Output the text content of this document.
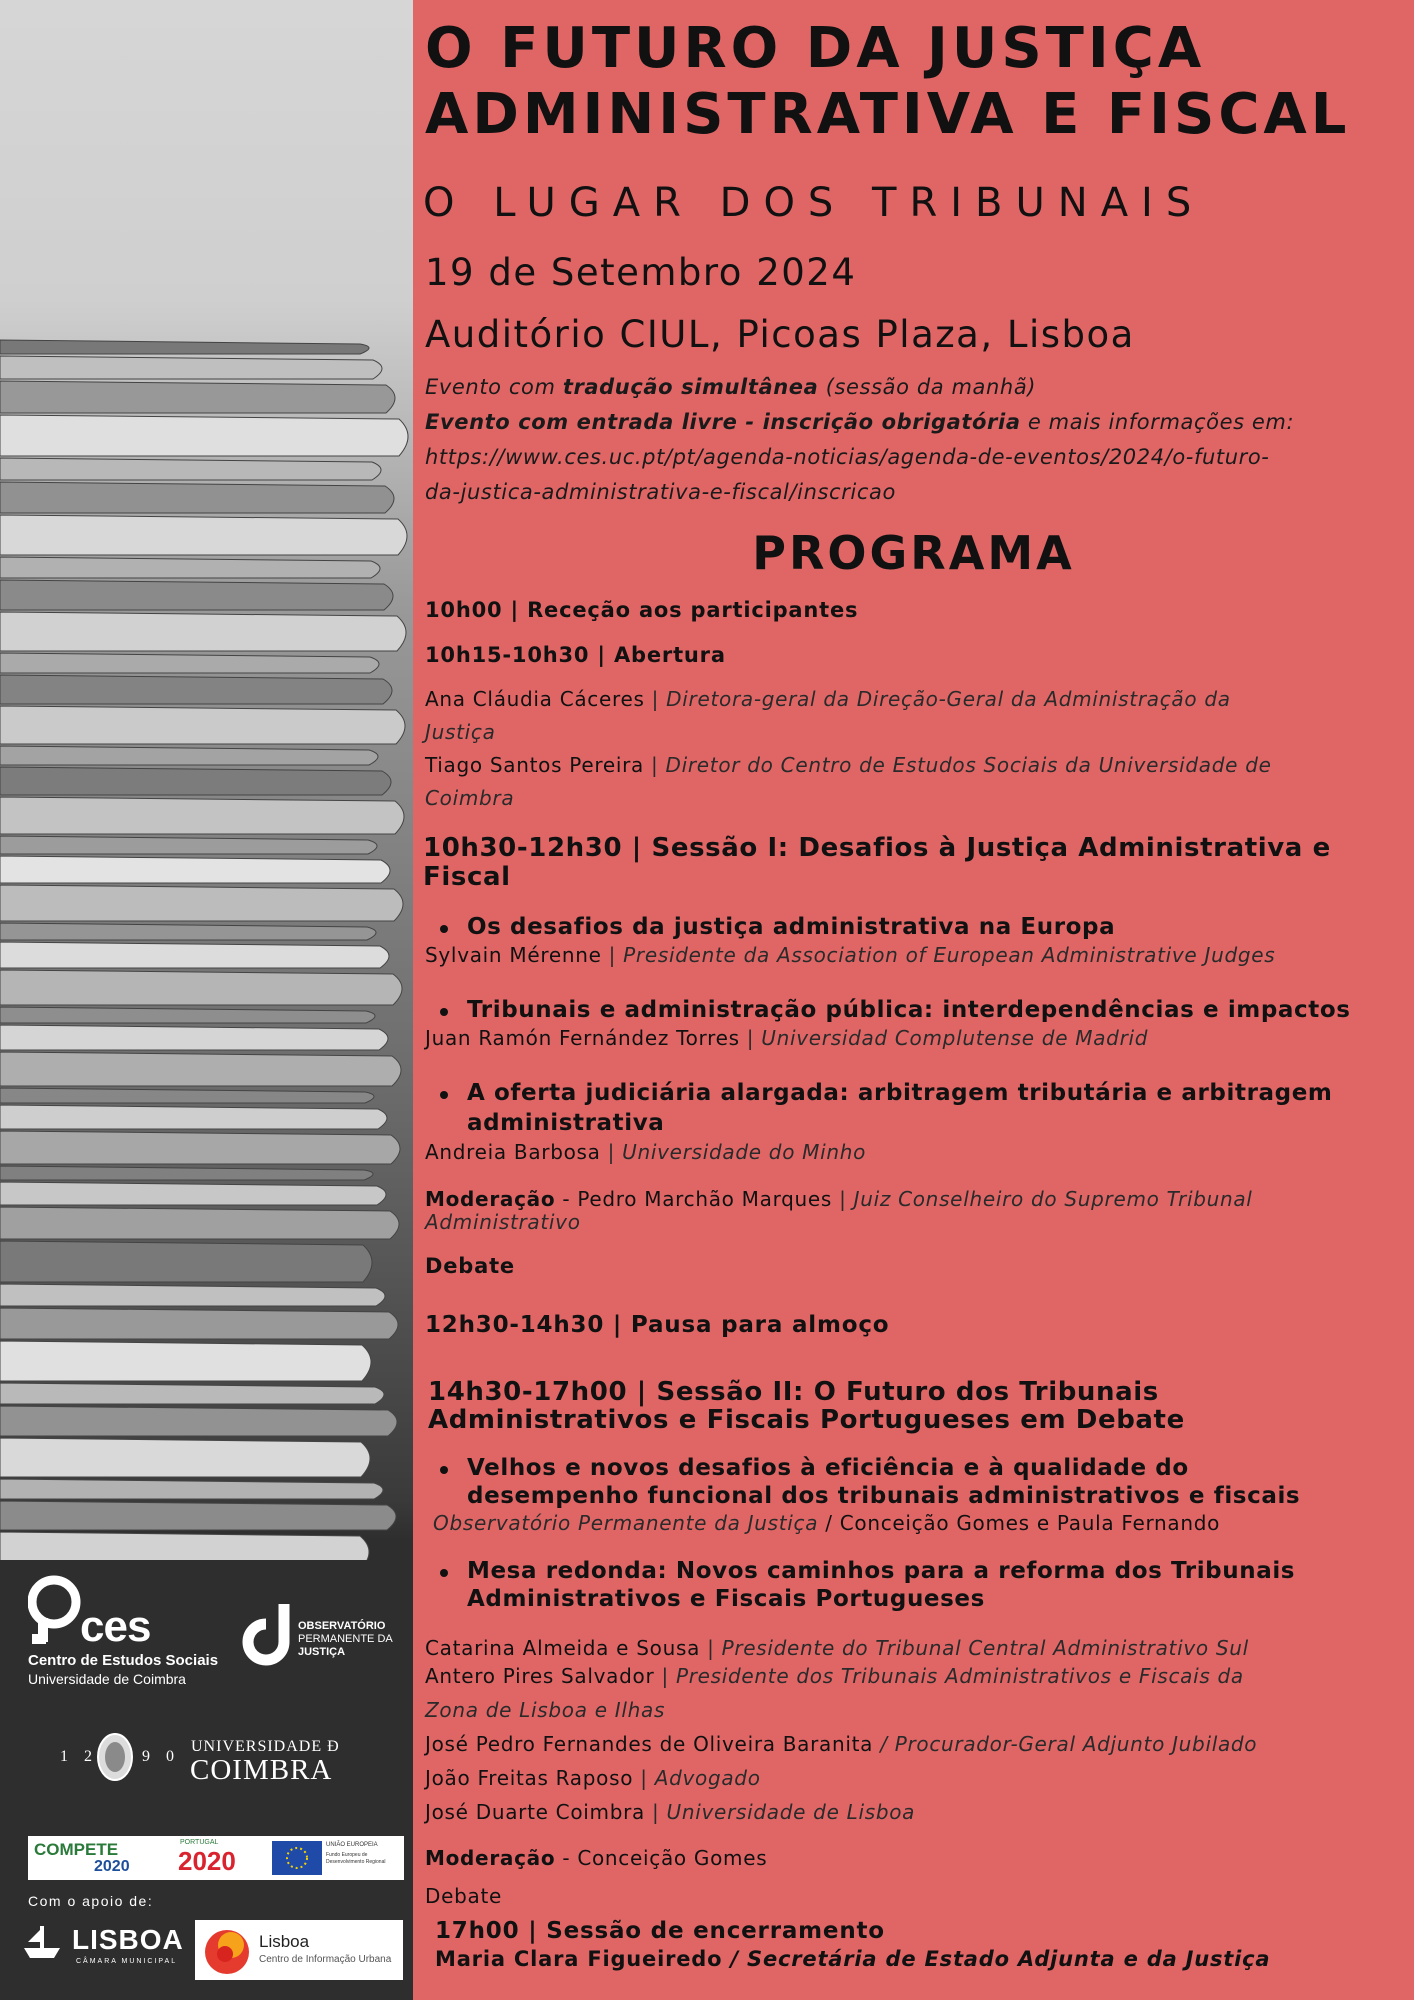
ces
Centro de Estudos Sociais
Universidade de Coimbra
OBSERVATÓRIO
PERMANENTE DA
JUSTIÇA
1 2	9 0
UNIVERSIDADE Ð
COIMBRA
COMPETE
2020
PORTUGAL
2020
UNIÃO EUROPEIA
Fundo Europeu de Desenvolvimento Regional
Com o apoio de:
LISBOA
CÂMARA MUNICIPAL
Lisboa
Centro de Informação Urbana
O FUTURO DA JUSTIÇA
ADMINISTRATIVA E FISCAL
O LUGAR DOS TRIBUNAIS
19 de Setembro 2024
Auditório CIUL, Picoas Plaza, Lisboa
Evento com tradução simultânea (sessão da manhã)
Evento com entrada livre - inscrição obrigatória e mais informações em:
https://www.ces.uc.pt/pt/agenda-noticias/agenda-de-eventos/2024/o-futuro-
da-justica-administrativa-e-fiscal/inscricao
PROGRAMA
10h00 | Receção aos participantes
10h15-10h30 | Abertura
Ana Cláudia Cáceres | Diretora-geral da Direção-Geral da Administração da
Justiça
Tiago Santos Pereira | Diretor do Centro de Estudos Sociais da Universidade de
Coimbra
10h30-12h30 | Sessão I: Desafios à Justiça Administrativa e
Fiscal
Os desafios da justiça administrativa na Europa
Sylvain Mérenne | Presidente da Association of European Administrative Judges
Tribunais e administração pública: interdependências e impactos
Juan Ramón Fernández Torres | Universidad Complutense de Madrid
A oferta judiciária alargada: arbitragem tributária e arbitragem
administrativa
Andreia Barbosa | Universidade do Minho
Moderação - Pedro Marchão Marques | Juiz Conselheiro do Supremo Tribunal
Administrativo
Debate
12h30-14h30 | Pausa para almoço
14h30-17h00 | Sessão II: O Futuro dos Tribunais
Administrativos e Fiscais Portugueses em Debate
Velhos e novos desafios à eficiência e à qualidade do
desempenho funcional dos tribunais administrativos e fiscais
Observatório Permanente da Justiça / Conceição Gomes e Paula Fernando
Mesa redonda: Novos caminhos para a reforma dos Tribunais
Administrativos e Fiscais Portugueses
Catarina Almeida e Sousa | Presidente do Tribunal Central Administrativo Sul
Antero Pires Salvador | Presidente dos Tribunais Administrativos e Fiscais da
Zona de Lisboa e Ilhas
José Pedro Fernandes de Oliveira Baranita / Procurador-Geral Adjunto Jubilado
João Freitas Raposo | Advogado
José Duarte Coimbra | Universidade de Lisboa
Moderação - Conceição Gomes
Debate
17h00 | Sessão de encerramento
Maria Clara Figueiredo / Secretária de Estado Adjunta e da Justiça
